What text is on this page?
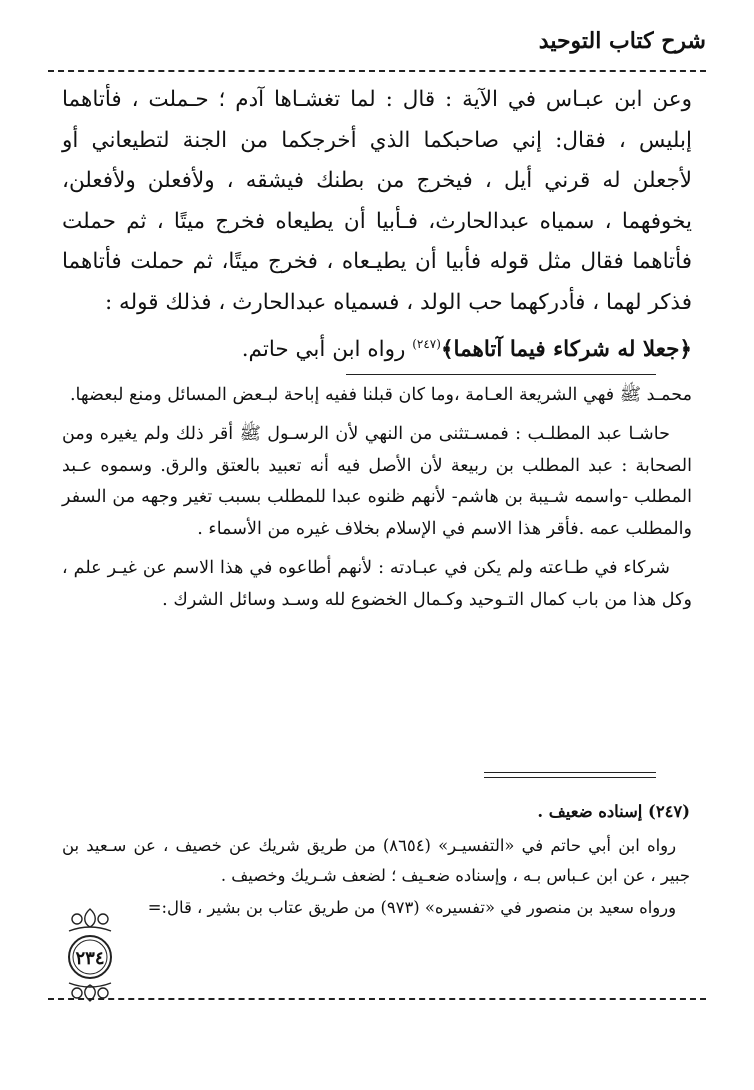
شرح كتاب التوحيد

وعن ابن عبـاس في الآية : قال : لما تغشـاها آدم ؛ حـملت ، فأتاهما إبليس ، فقال: إني صاحبكما الذي أخرجكما من الجنة لتطيعاني أو لأجعلن له قرني أيل ، فيخرج من بطنك فيشقه ، ولأفعلن ولأفعلن، يخوفهما ، سمياه عبدالحارث، فـأبيا أن يطيعاه فخرج ميتًا ، ثم حملت فأتاهما فقال مثل قوله فأبيا أن يطيـعاه ، فخرج ميتًا، ثم حملت فأتاهما فذكر لهما ، فأدركهما حب الولد ، فسمياه عبدالحارث ، فذلك قوله :
﴿جعلا له شركاء فيما آتاهما﴾$^{(٢٤٧)}$ رواه ابن أبي حاتم.

محمـد ﷺ فهي الشريعة العـامة ،وما كان قبلنا ففيه إباحة لبـعض المسائل ومنع لبعضها.

حاشـا عبد المطلـب : فمسـتثنى من النهي لأن الرسـول ﷺ أقر ذلك ولم يغيره ومن الصحابة : عبد المطلب بن ربيعة لأن الأصل فيه أنه تعبيد بالعتق والرق. وسموه عـبد المطلب -واسمه شـيبة بن هاشم- لأنهم ظنوه عبدا للمطلب بسبب تغير وجهه من السفر والمطلب عمه .فأقر هذا الاسم في الإسلام بخلاف غيره من الأسماء .

شركاء في طـاعته ولم يكن في عبـادته : لأنهم أطاعوه في هذا الاسم عن غيـر علم ، وكل هذا من باب كمال التـوحيد وكـمال الخضوع لله وسـد وسائل الشرك .

(٢٤٧) إسناده ضعيف .

رواه ابن أبي حاتم في «التفسيـر» (٨٦٥٤) من طريق شريك عن خصيف ، عن سـعيد بن جبير ، عن ابن عـباس بـه ، وإسناده ضعـيف ؛ لضعف شـريك وخصيف .

ورواه سعيد بن منصور في «تفسيره» (٩٧٣) من طريق عتاب بن بشير ، قال:=

٢٣٤
